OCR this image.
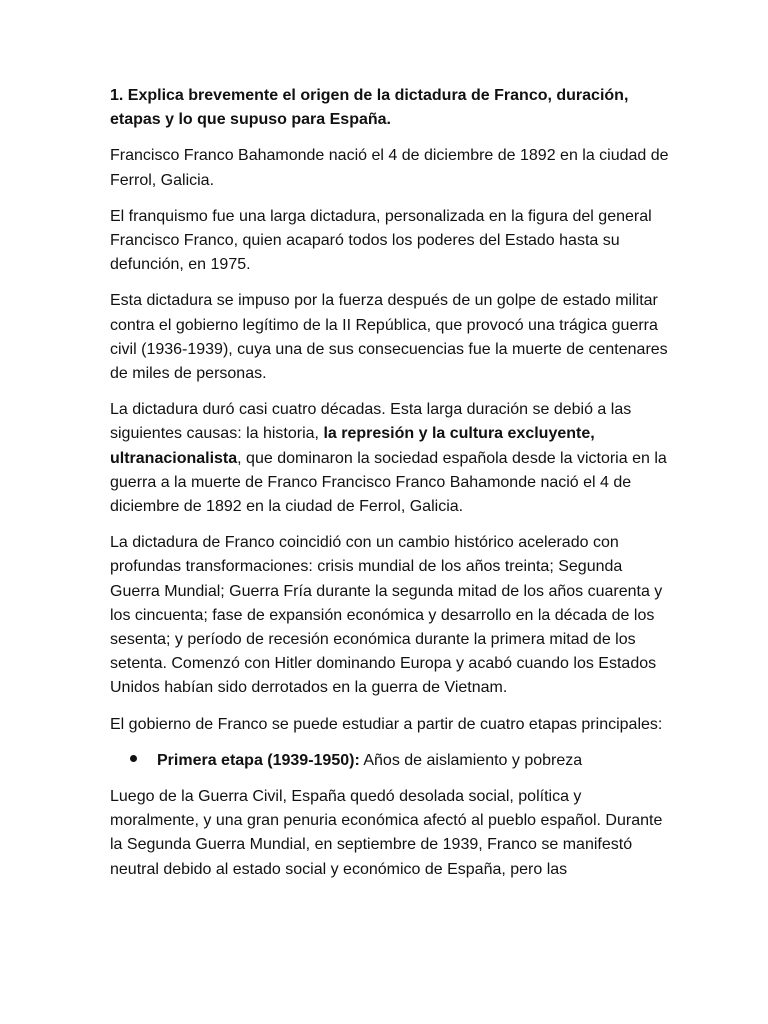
1. Explica brevemente el origen de la dictadura de Franco, duración, etapas y lo que supuso para España.

Francisco Franco Bahamonde nació el 4 de diciembre de 1892 en la ciudad de Ferrol, Galicia.

El franquismo fue una larga dictadura, personalizada en la figura del general Francisco Franco, quien acaparó todos los poderes del Estado hasta su defunción, en 1975.

Esta dictadura se impuso por la fuerza después de un golpe de estado militar contra el gobierno legítimo de la II República, que provocó una trágica guerra civil (1936-1939), cuya una de sus consecuencias fue la muerte de centenares de miles de personas.

La dictadura duró casi cuatro décadas. Esta larga duración se debió a las siguientes causas: la historia, la represión y la cultura excluyente, ultranacionalista, que dominaron la sociedad española desde la victoria en la guerra a la muerte de Franco Francisco Franco Bahamonde nació el 4 de diciembre de 1892 en la ciudad de Ferrol, Galicia.

La dictadura de Franco coincidió con un cambio histórico acelerado con profundas transformaciones: crisis mundial de los años treinta; Segunda Guerra Mundial; Guerra Fría durante la segunda mitad de los años cuarenta y los cincuenta; fase de expansión económica y desarrollo en la década de los sesenta; y período de recesión económica durante la primera mitad de los setenta. Comenzó con Hitler dominando Europa y acabó cuando los Estados Unidos habían sido derrotados en la guerra de Vietnam.

El gobierno de Franco se puede estudiar a partir de cuatro etapas principales:

Primera etapa (1939-1950): Años de aislamiento y pobreza

Luego de la Guerra Civil, España quedó desolada social, política y moralmente, y una gran penuria económica afectó al pueblo español. Durante la Segunda Guerra Mundial, en septiembre de 1939, Franco se manifestó neutral debido al estado social y económico de España, pero las
